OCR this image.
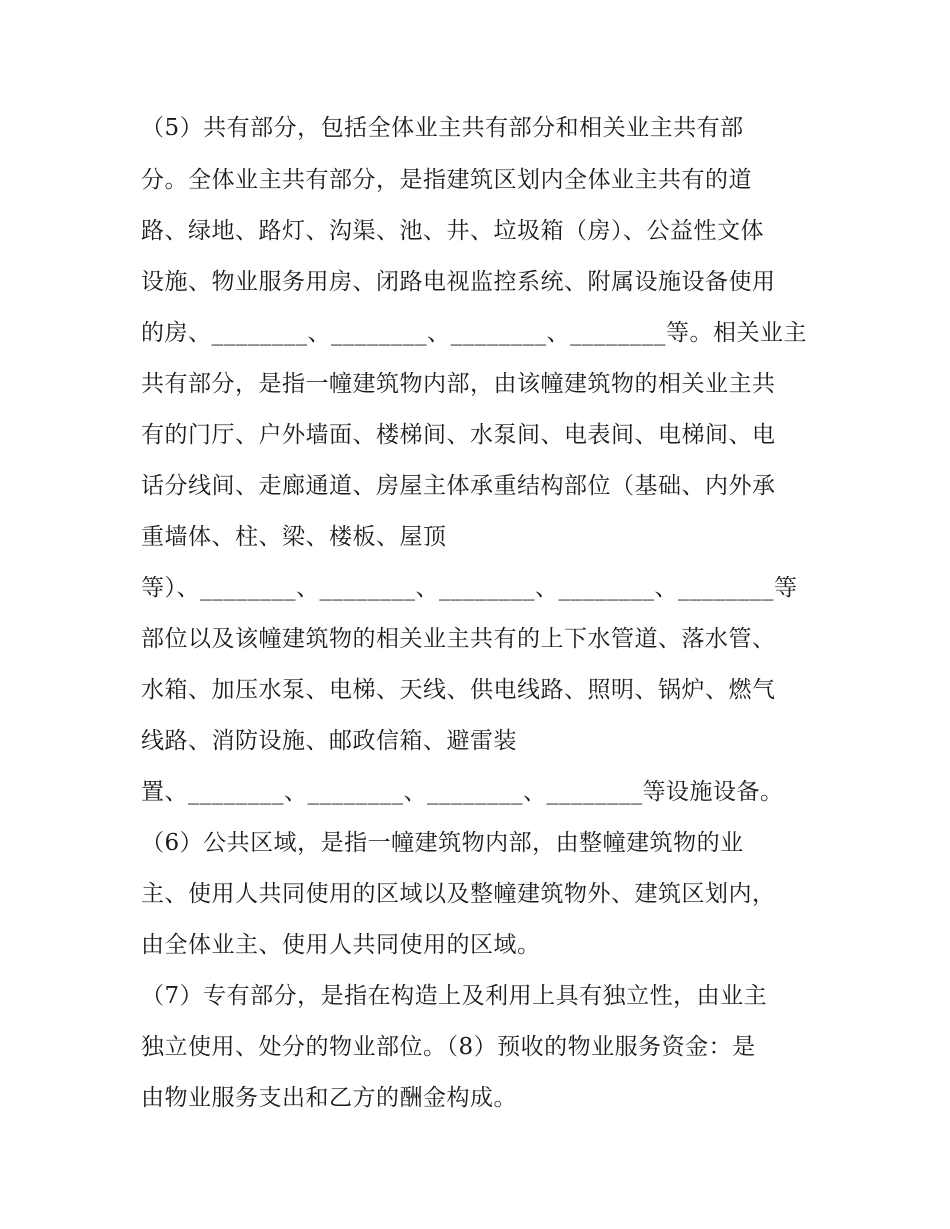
（5）共有部分，包括全体业主共有部分和相关业主共有部
分。全体业主共有部分，是指建筑区划内全体业主共有的道
路、绿地、路灯、沟渠、池、井、垃圾箱（房）、公益性文体
设施、物业服务用房、闭路电视监控系统、附属设施设备使用
的房、________、________、________、________等。相关业主
共有部分，是指一幢建筑物内部，由该幢建筑物的相关业主共
有的门厅、户外墙面、楼梯间、水泵间、电表间、电梯间、电
话分线间、走廊通道、房屋主体承重结构部位（基础、内外承
重墙体、柱、梁、楼板、屋顶
等）、________、________、________、________、________等
部位以及该幢建筑物的相关业主共有的上下水管道、落水管、
水箱、加压水泵、电梯、天线、供电线路、照明、锅炉、燃气
线路、消防设施、邮政信箱、避雷装
置、________、________、________、________等设施设备。
（6）公共区域，是指一幢建筑物内部，由整幢建筑物的业
主、使用人共同使用的区域以及整幢建筑物外、建筑区划内，
由全体业主、使用人共同使用的区域。
（7）专有部分，是指在构造上及利用上具有独立性，由业主
独立使用、处分的物业部位。（8）预收的物业服务资金：是
由物业服务支出和乙方的酬金构成。
